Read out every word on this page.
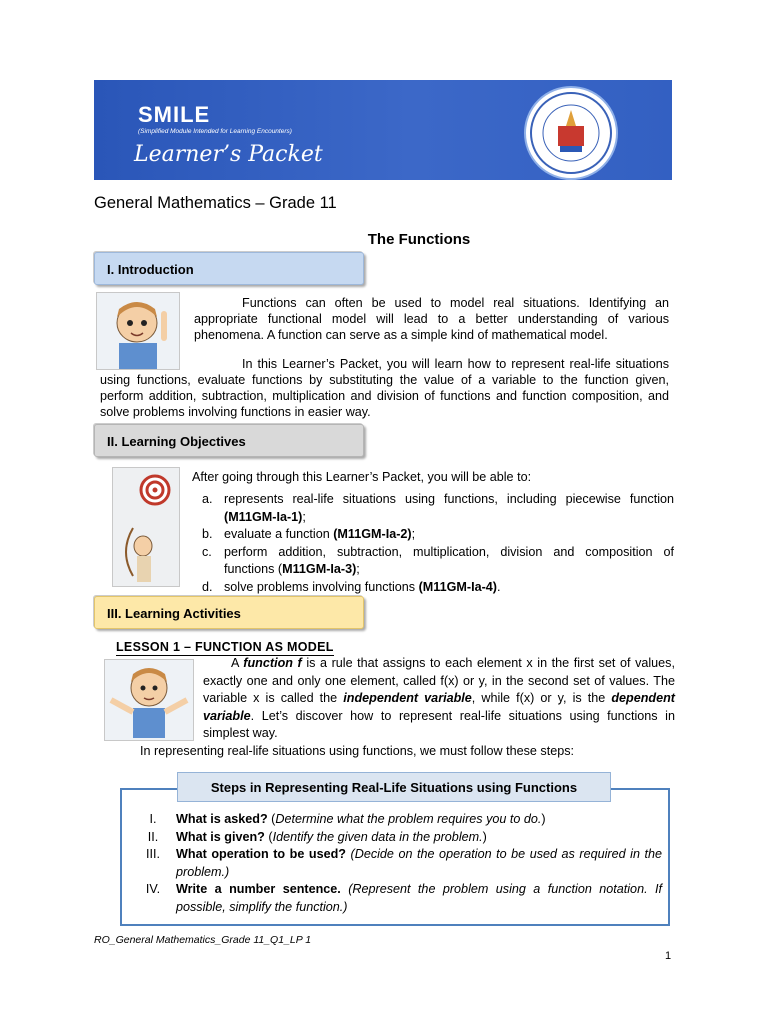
SMILE
(Simplified Module Intended for Learning Encounters)
Learner’s Packet
General Mathematics – Grade 11
The Functions
I. Introduction
Functions can often be used to model real situations. Identifying an appropriate functional model will lead to a better understanding of various phenomena. A function can serve as a simple kind of mathematical model.
In this Learner’s Packet, you will learn how to represent real-life situations using functions, evaluate functions by substituting the value of a variable to the function given, perform addition, subtraction, multiplication and division of functions and function composition, and solve problems involving functions in easier way.
II. Learning Objectives
After going through this Learner’s Packet, you will be able to:
a. represents real-life situations using functions, including piecewise function (M11GM-Ia-1);
b. evaluate a function (M11GM-Ia-2);
c. perform addition, subtraction, multiplication, division and composition of functions (M11GM-Ia-3);
d. solve problems involving functions (M11GM-Ia-4).
III. Learning Activities
LESSON 1 – FUNCTION AS MODEL
A function f is a rule that assigns to each element x in the first set of values, exactly one and only one element, called f(x) or y, in the second set of values. The variable x is called the independent variable, while f(x) or y, is the dependent variable. Let’s discover how to represent real-life situations using functions in simplest way.
In representing real-life situations using functions, we must follow these steps:
Steps in Representing Real-Life Situations using Functions
I.	What is asked? (Determine what the problem requires you to do.)
II.	What is given? (Identify the given data in the problem.)
III.	What operation to be used? (Decide on the operation to be used as required in the problem.)
IV.	Write a number sentence. (Represent the problem using a function notation. If possible, simplify the function.)
RO_General Mathematics_Grade 11_Q1_LP 1
1
